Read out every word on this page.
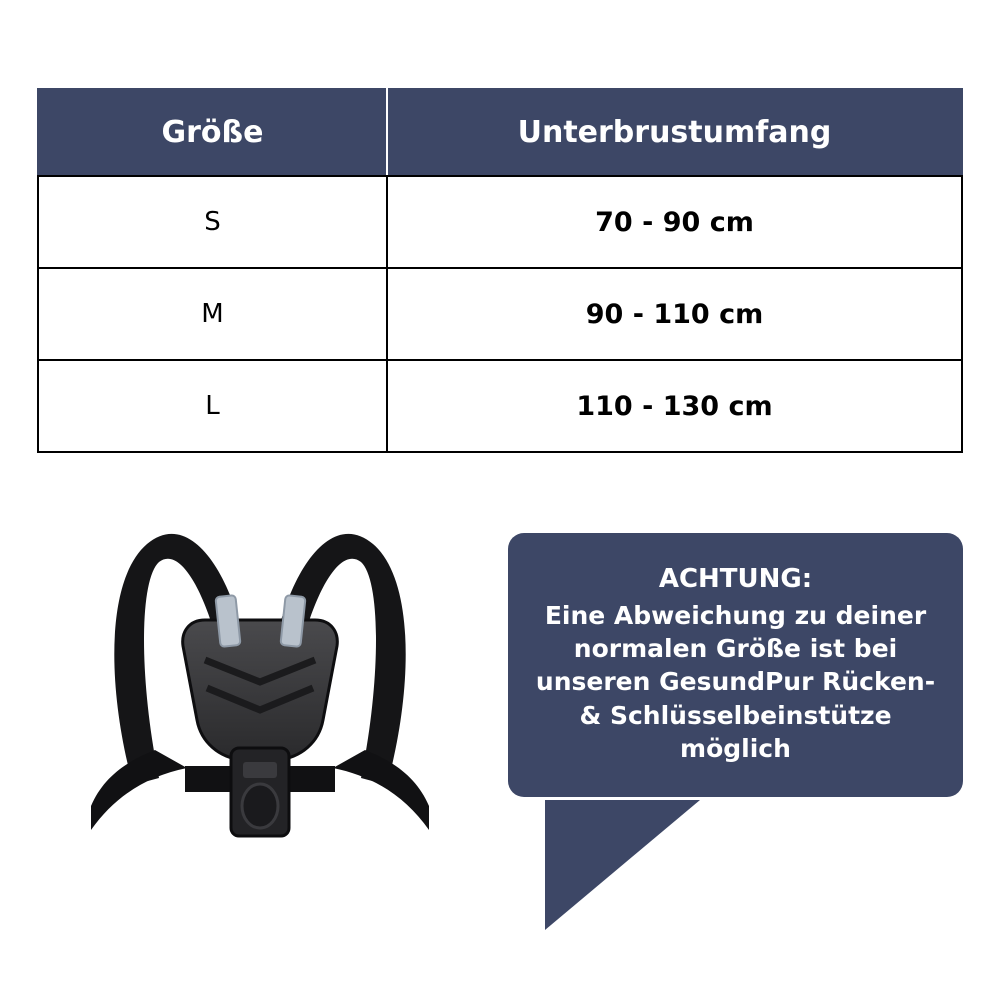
Größe	Unterbrustumfang
S	70 - 90 cm
M	90 - 110 cm
L	110 - 130 cm
ACHTUNG:
Eine Abweichung zu deiner normalen Größe ist bei unseren GesundPur Rücken- & Schlüsselbeinstütze möglich
